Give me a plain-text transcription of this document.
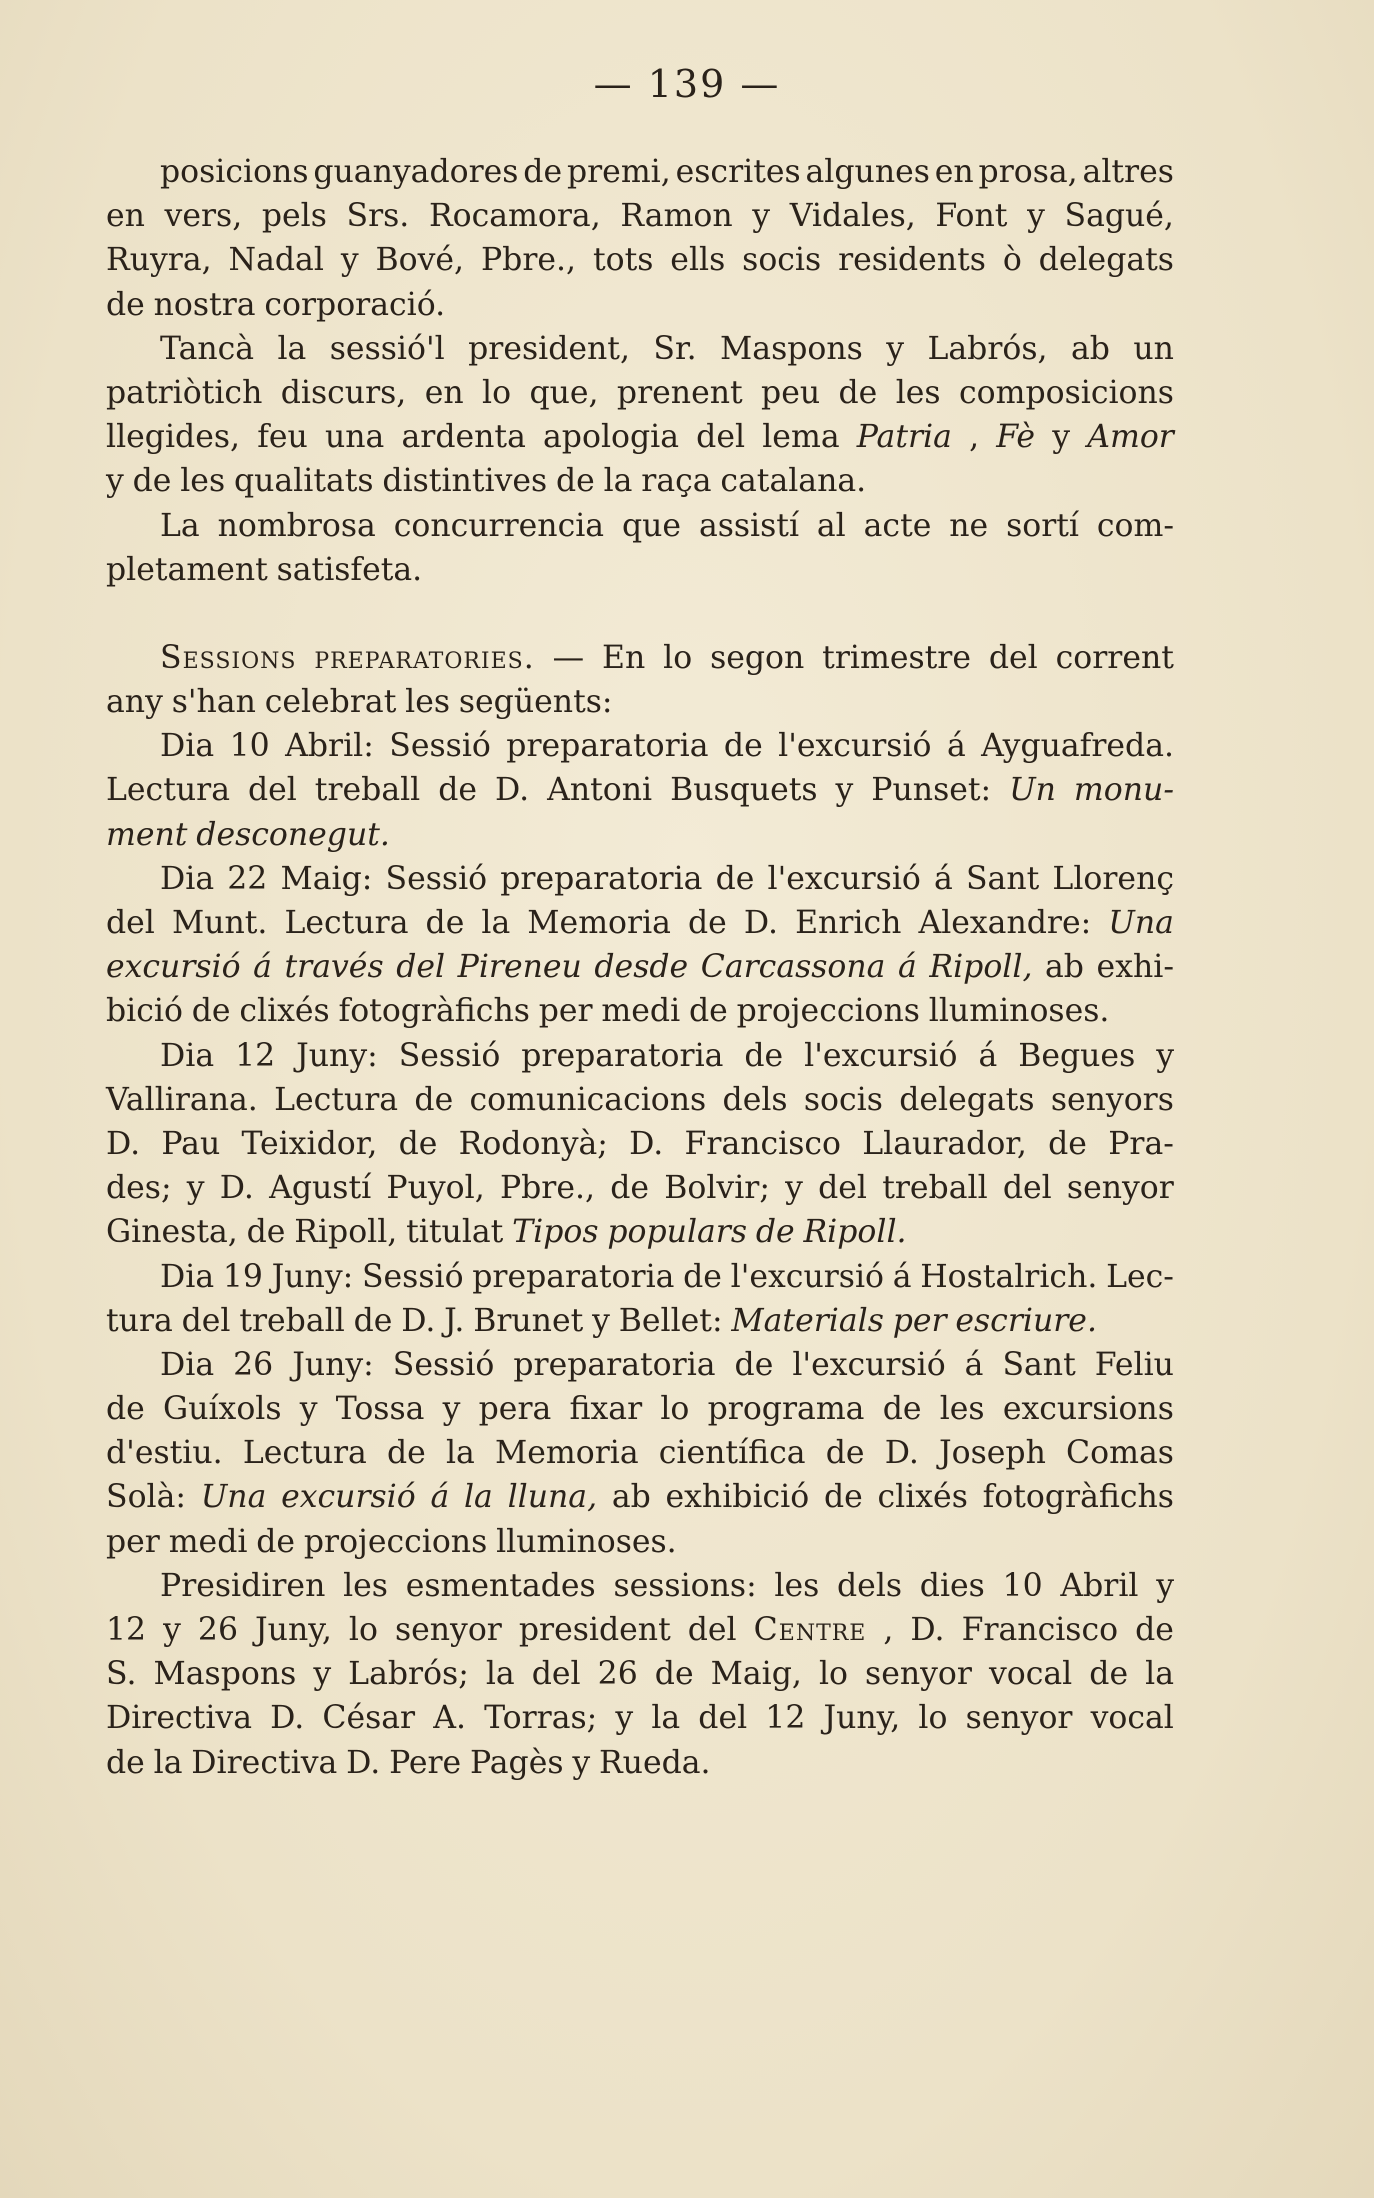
— 139 —
posicions guanyadores de premi, escrites algunes en prosa, altres
en vers, pels Srs. Rocamora, Ramon y Vidales, Font y Sagué,
Ruyra, Nadal y Bové, Pbre., tots ells socis residents ò delegats
de nostra corporació.
Tancà la sessió'l president, Sr. Maspons y Labrós, ab un
patriòtich discurs, en lo que, prenent peu de les composicions
llegides, feu una ardenta apologia del lema Patria , Fè y Amor
y de les qualitats distintives de la raça catalana.
La nombrosa concurrencia que assistí al acte ne sortí com-
pletament satisfeta.
Sessions preparatories. — En lo segon trimestre del corrent
any s'han celebrat les següents:
Dia 10 Abril: Sessió preparatoria de l'excursió á Ayguafreda.
Lectura del treball de D. Antoni Busquets y Punset: Un monu-
ment desconegut.
Dia 22 Maig: Sessió preparatoria de l'excursió á Sant Llorenç
del Munt. Lectura de la Memoria de D. Enrich Alexandre: Una
excursió á través del Pireneu desde Carcassona á Ripoll, ab exhi-
bició de clixés fotogràfichs per medi de projeccions lluminoses.
Dia 12 Juny: Sessió preparatoria de l'excursió á Begues y
Vallirana. Lectura de comunicacions dels socis delegats senyors
D. Pau Teixidor, de Rodonyà; D. Francisco Llaurador, de Pra-
des; y D. Agustí Puyol, Pbre., de Bolvir; y del treball del senyor
Ginesta, de Ripoll, titulat Tipos populars de Ripoll.
Dia 19 Juny: Sessió preparatoria de l'excursió á Hostalrich. Lec-
tura del treball de D. J. Brunet y Bellet: Materials per escriure.
Dia 26 Juny: Sessió preparatoria de l'excursió á Sant Feliu
de Guíxols y Tossa y pera fixar lo programa de les excursions
d'estiu. Lectura de la Memoria científica de D. Joseph Comas
Solà: Una excursió á la lluna, ab exhibició de clixés fotogràfichs
per medi de projeccions lluminoses.
Presidiren les esmentades sessions: les dels dies 10 Abril y
12 y 26 Juny, lo senyor president del Centre , D. Francisco de
S. Maspons y Labrós; la del 26 de Maig, lo senyor vocal de la
Directiva D. César A. Torras; y la del 12 Juny, lo senyor vocal
de la Directiva D. Pere Pagès y Rueda.
